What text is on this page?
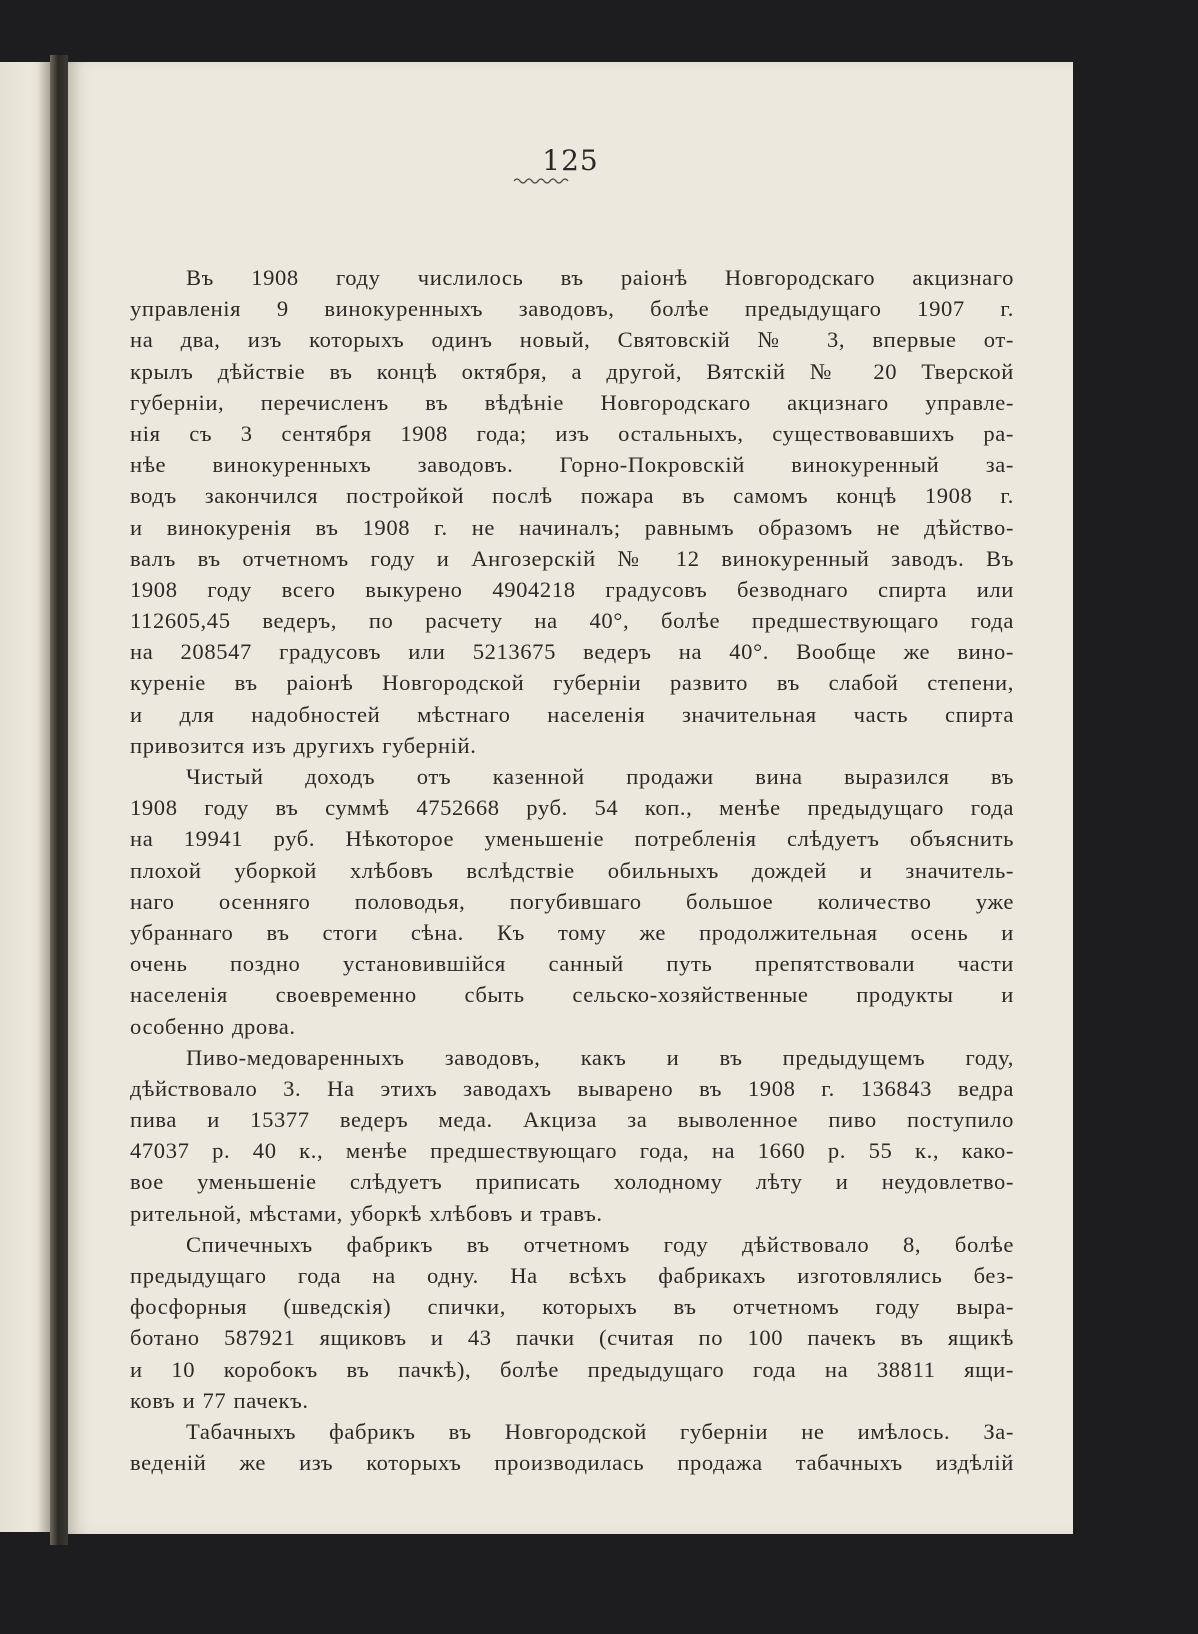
125

Въ 1908 году числилось въ раіонѣ Новгородскаго акцизнаго
управленія 9 винокуренныхъ заводовъ, болѣе предыдущаго 1907 г.
на два, изъ которыхъ одинъ новый, Святовскій № 3, впервые от-
крылъ дѣйствіе въ концѣ октября, а другой, Вятскій № 20 Тверской
губерніи, перечисленъ въ вѣдѣніе Новгородскаго акцизнаго управле-
нія съ 3 сентября 1908 года; изъ остальныхъ, существовавшихъ ра-
нѣе винокуренныхъ заводовъ. Горно-Покровскій винокуренный за-
водъ закончился постройкой послѣ пожара въ самомъ концѣ 1908 г.
и винокуренія въ 1908 г. не начиналъ; равнымъ образомъ не дѣйство-
валъ въ отчетномъ году и Ангозерскій № 12 винокуренный заводъ. Въ
1908 году всего выкурено 4904218 градусовъ безводнаго спирта или
112605,45 ведеръ, по расчету на 40°, болѣе предшествующаго года
на 208547 градусовъ или 5213675 ведеръ на 40°. Вообще же вино-
куреніе въ раіонѣ Новгородской губерніи развито въ слабой степени,
и для надобностей мѣстнаго населенія значительная часть спирта
привозится изъ другихъ губерній.

Чистый доходъ отъ казенной продажи вина выразился въ
1908 году въ суммѣ 4752668 руб. 54 коп., менѣе предыдущаго года
на 19941 руб. Нѣкоторое уменьшеніе потребленія слѣдуетъ объяснить
плохой уборкой хлѣбовъ вслѣдствіе обильныхъ дождей и значитель-
наго осенняго половодья, погубившаго большое количество уже
убраннаго въ стоги сѣна. Къ тому же продолжительная осень и
очень поздно установившійся санный путь препятствовали части
населенія своевременно сбыть сельско-хозяйственные продукты и
особенно дрова.

Пиво-медоваренныхъ заводовъ, какъ и въ предыдущемъ году,
дѣйствовало 3. На этихъ заводахъ выварено въ 1908 г. 136843 ведра
пива и 15377 ведеръ меда. Акциза за выволенное пиво поступило
47037 р. 40 к., менѣе предшествующаго года, на 1660 р. 55 к., како-
вое уменьшеніе слѣдуетъ приписать холодному лѣту и неудовлетво-
рительной, мѣстами, уборкѣ хлѣбовъ и травъ.

Спичечныхъ фабрикъ въ отчетномъ году дѣйствовало 8, болѣе
предыдущаго года на одну. На всѣхъ фабрикахъ изготовлялись без-
фосфорныя (шведскія) спички, которыхъ въ отчетномъ году выра-
ботано 587921 ящиковъ и 43 пачки (считая по 100 пачекъ въ ящикѣ
и 10 коробокъ въ пачкѣ), болѣе предыдущаго года на 38811 ящи-
ковъ и 77 пачекъ.

Табачныхъ фабрикъ въ Новгородской губерніи не имѣлось. За-
веденій же изъ которыхъ производилась продажа табачныхъ издѣлій
